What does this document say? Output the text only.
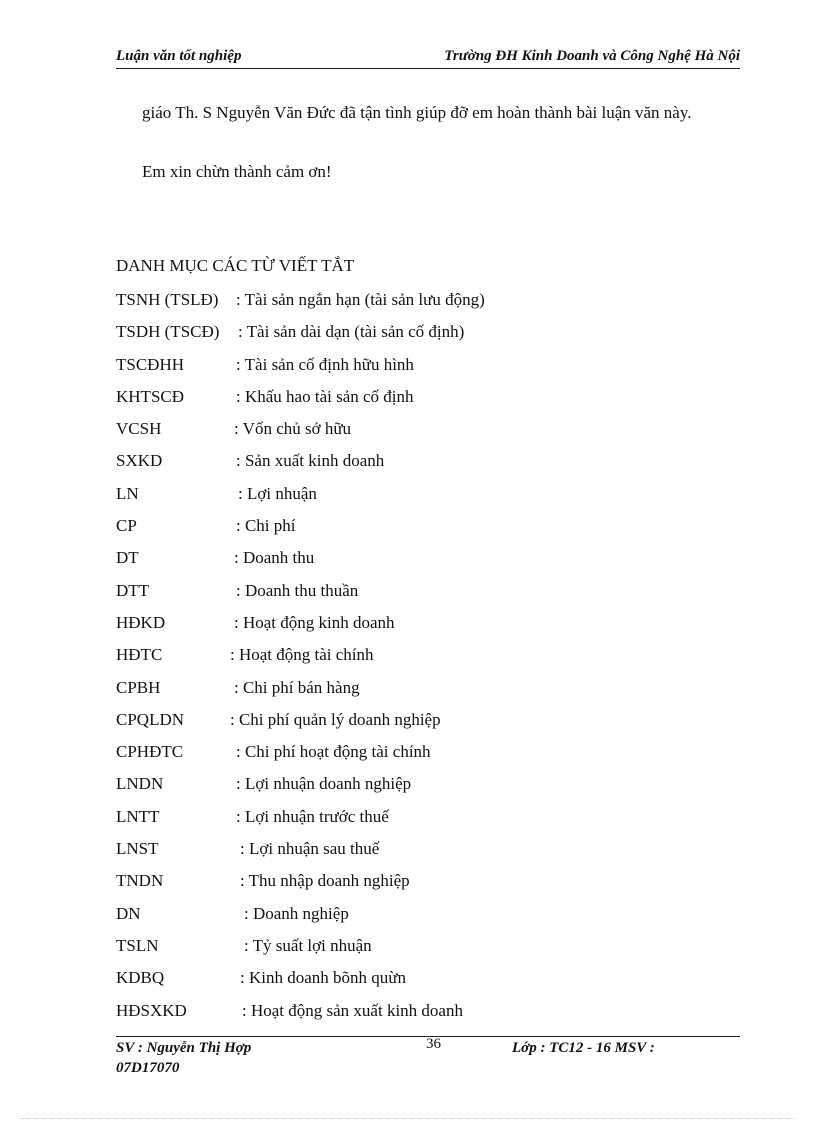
Luận văn tốt nghiệp	Trường ĐH Kinh Doanh và Công Nghệ Hà Nội

giáo Th. S Nguyễn Văn Đức đã tận tình giúp đỡ em hoàn thành bài luận văn này.

Em xin chừn thành cảm ơn!

DANH MỤC CÁC TỪ VIẾT TẮT
TSNH (TSLĐ) : Tài sản ngắn hạn (tài sản lưu động)
TSDH (TSCĐ) : Tài sản dài dạn (tài sản cố định)
TSCĐHH	: Tài sản cố định hữu hình
KHTSCĐ	: Khấu hao tài sản cố định
VCSH	: Vốn chủ sở hữu
SXKD	: Sản xuất kinh doanh
LN	: Lợi nhuận
CP	: Chi phí
DT	: Doanh thu
DTT	: Doanh thu thuần
HĐKD	: Hoạt động kinh doanh
HĐTC	: Hoạt động tài chính
CPBH	: Chi phí bán hàng
CPQLDN	: Chi phí quản lý doanh nghiệp
CPHĐTC	: Chi phí hoạt động tài chính
LNDN	: Lợi nhuận doanh nghiệp
LNTT	: Lợi nhuận trước thuế
LNST	: Lợi nhuận sau thuế
TNDN	: Thu nhập doanh nghiệp
DN	: Doanh nghiệp
TSLN	: Tỷ suất lợi nhuận
KDBQ	: Kinh doanh bõnh quừn
HĐSXKD	: Hoạt động sản xuất kinh doanh
SV : Nguyễn Thị Hợp	36	Lớp : TC12 - 16 MSV :
07D17070
